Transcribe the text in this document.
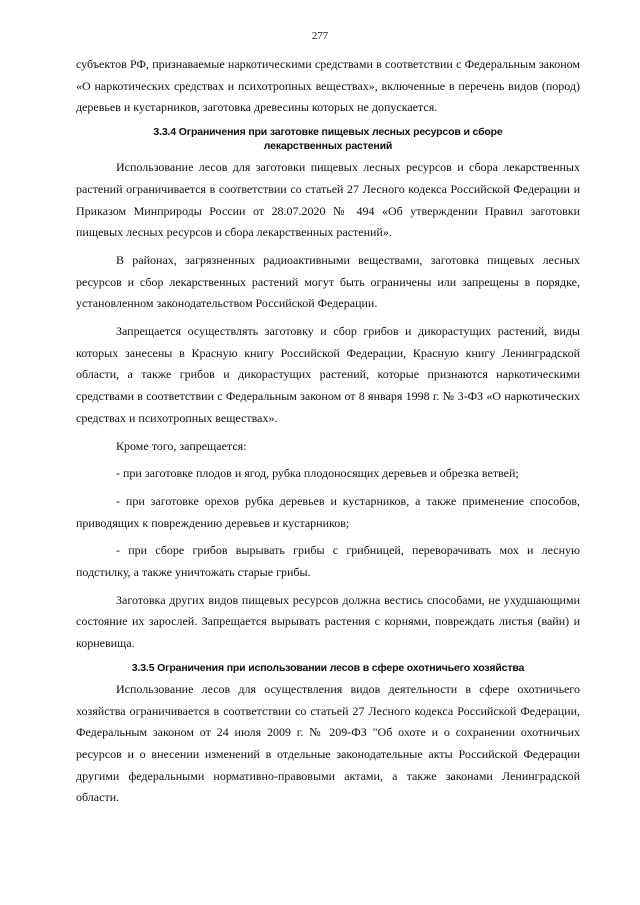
277

субъектов РФ, признаваемые наркотическими средствами в соответствии с Федеральным законом «О наркотических средствах и психотропных веществах», включенные в перечень видов (пород) деревьев и кустарников, заготовка древесины которых не допускается.

3.3.4 Ограничения при заготовке пищевых лесных ресурсов и сборе
лекарственных растений

Использование лесов для заготовки пищевых лесных ресурсов и сбора лекарственных растений ограничивается в соответствии со статьей 27 Лесного кодекса Российской Федерации и Приказом Минприроды России от 28.07.2020 № 494 «Об утверждении Правил заготовки пищевых лесных ресурсов и сбора лекарственных растений».

В районах, загрязненных радиоактивными веществами, заготовка пищевых лесных ресурсов и сбор лекарственных растений могут быть ограничены или запрещены в порядке, установленном законодательством Российской Федерации.

Запрещается осуществлять заготовку и сбор грибов и дикорастущих растений, виды которых занесены в Красную книгу Российской Федерации, Красную книгу Ленинградской области, а также грибов и дикорастущих растений, которые признаются наркотическими средствами в соответствии с Федеральным законом от 8 января 1998 г. № 3-ФЗ «О наркотических средствах и психотропных веществах».

Кроме того, запрещается:

- при заготовке плодов и ягод, рубка плодоносящих деревьев и обрезка ветвей;

- при заготовке орехов рубка деревьев и кустарников, а также применение способов, приводящих к повреждению деревьев и кустарников;

- при сборе грибов вырывать грибы с грибницей, переворачивать мох и лесную подстилку, а также уничтожать старые грибы.

Заготовка других видов пищевых ресурсов должна вестись способами, не ухудшающими состояние их зарослей. Запрещается вырывать растения с корнями, повреждать листья (вайи) и корневища.

3.3.5 Ограничения при использовании лесов в сфере охотничьего хозяйства

Использование лесов для осуществления видов деятельности в сфере охотничьего хозяйства ограничивается в соответствии со статьей 27 Лесного кодекса Российской Федерации, Федеральным законом от 24 июля 2009 г. № 209-ФЗ "Об охоте и о сохранении охотничьих ресурсов и о внесении изменений в отдельные законодательные акты Российской Федерации другими федеральными нормативно-правовыми актами, а также законами Ленинградской области.
